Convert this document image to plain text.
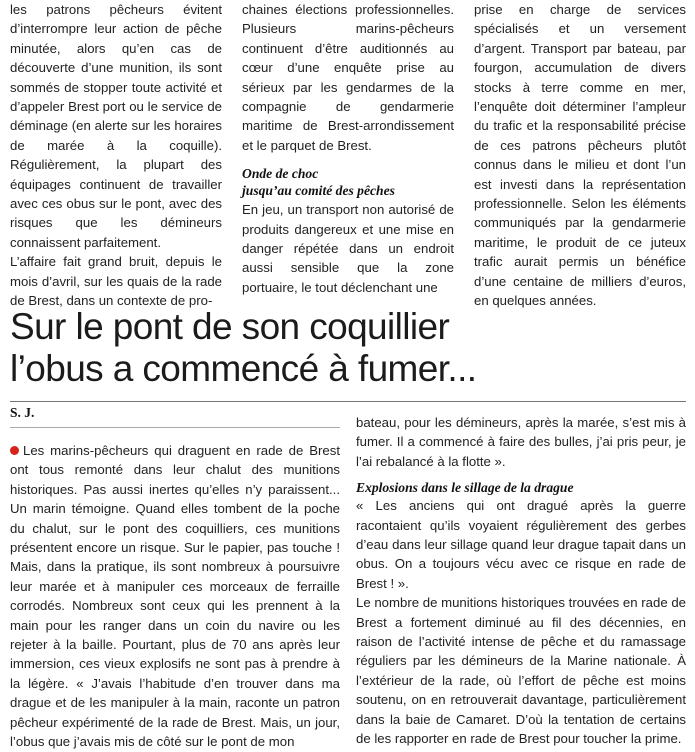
les patrons pêcheurs évitent d’interrompre leur action de pêche minutée, alors qu’en cas de découverte d’une munition, ils sont sommés de stopper toute activité et d’appeler Brest port ou le service de déminage (en alerte sur les horaires de marée à la coquille). Régulièrement, la plupart des équipages continuent de travailler avec ces obus sur le pont, avec des risques que les démineurs connaissent parfaitement.

L’affaire fait grand bruit, depuis le mois d’avril, sur les quais de la rade de Brest, dans un contexte de pro-

chaines élections professionnelles. Plusieurs marins-pêcheurs continuent d’être auditionnés au cœur d’une enquête prise au sérieux par les gendarmes de la compagnie de gendarmerie maritime de Brest-arrondissement et le parquet de Brest.

Onde de choc
jusqu’au comité des pêches

En jeu, un transport non autorisé de produits dangereux et une mise en danger répétée dans un endroit aussi sensible que la zone portuaire, le tout déclenchant une

prise en charge de services spécialisés et un versement d’argent. Transport par bateau, par fourgon, accumulation de divers stocks à terre comme en mer, l’enquête doit déterminer l’ampleur du trafic et la responsabilité précise de ces patrons pêcheurs plutôt connus dans le milieu et dont l’un est investi dans la représentation professionnelle. Selon les éléments communiqués par la gendarmerie maritime, le produit de ce juteux trafic aurait permis un bénéfice d’une centaine de milliers d’euros, en quelques années.

Sur le pont de son coquillier
l’obus a commencé à fumer...
S. J.

Les marins-pêcheurs qui draguent en rade de Brest ont tous remonté dans leur chalut des munitions historiques. Pas aussi inertes qu’elles n’y paraissent... Un marin témoigne. Quand elles tombent de la poche du chalut, sur le pont des coquilliers, ces munitions présentent encore un risque. Sur le papier, pas touche ! Mais, dans la pratique, ils sont nombreux à poursuivre leur marée et à manipuler ces morceaux de ferraille corrodés. Nombreux sont ceux qui les prennent à la main pour les ranger dans un coin du navire ou les rejeter à la baille. Pourtant, plus de 70 ans après leur immersion, ces vieux explosifs ne sont pas à prendre à la légère. « J’avais l’habitude d’en trouver dans ma drague et de les manipuler à la main, raconte un patron pêcheur expérimenté de la rade de Brest. Mais, un jour, l’obus que j’avais mis de côté sur le pont de mon

bateau, pour les démineurs, après la marée, s’est mis à fumer. Il a commencé à faire des bulles, j’ai pris peur, je l’ai rebalancé à la flotte ».

Explosions dans le sillage de la drague

« Les anciens qui ont dragué après la guerre racontaient qu’ils voyaient régulièrement des gerbes d’eau dans leur sillage quand leur drague tapait dans un obus. On a toujours vécu avec ce risque en rade de Brest ! ».

Le nombre de munitions historiques trouvées en rade de Brest a fortement diminué au fil des décennies, en raison de l’activité intense de pêche et du ramassage réguliers par les démineurs de la Marine nationale. À l’extérieur de la rade, où l’effort de pêche est moins soutenu, on en retrouverait davantage, particulièrement dans la baie de Camaret. D’où la tentation de certains de les rapporter en rade de Brest pour toucher la prime.
